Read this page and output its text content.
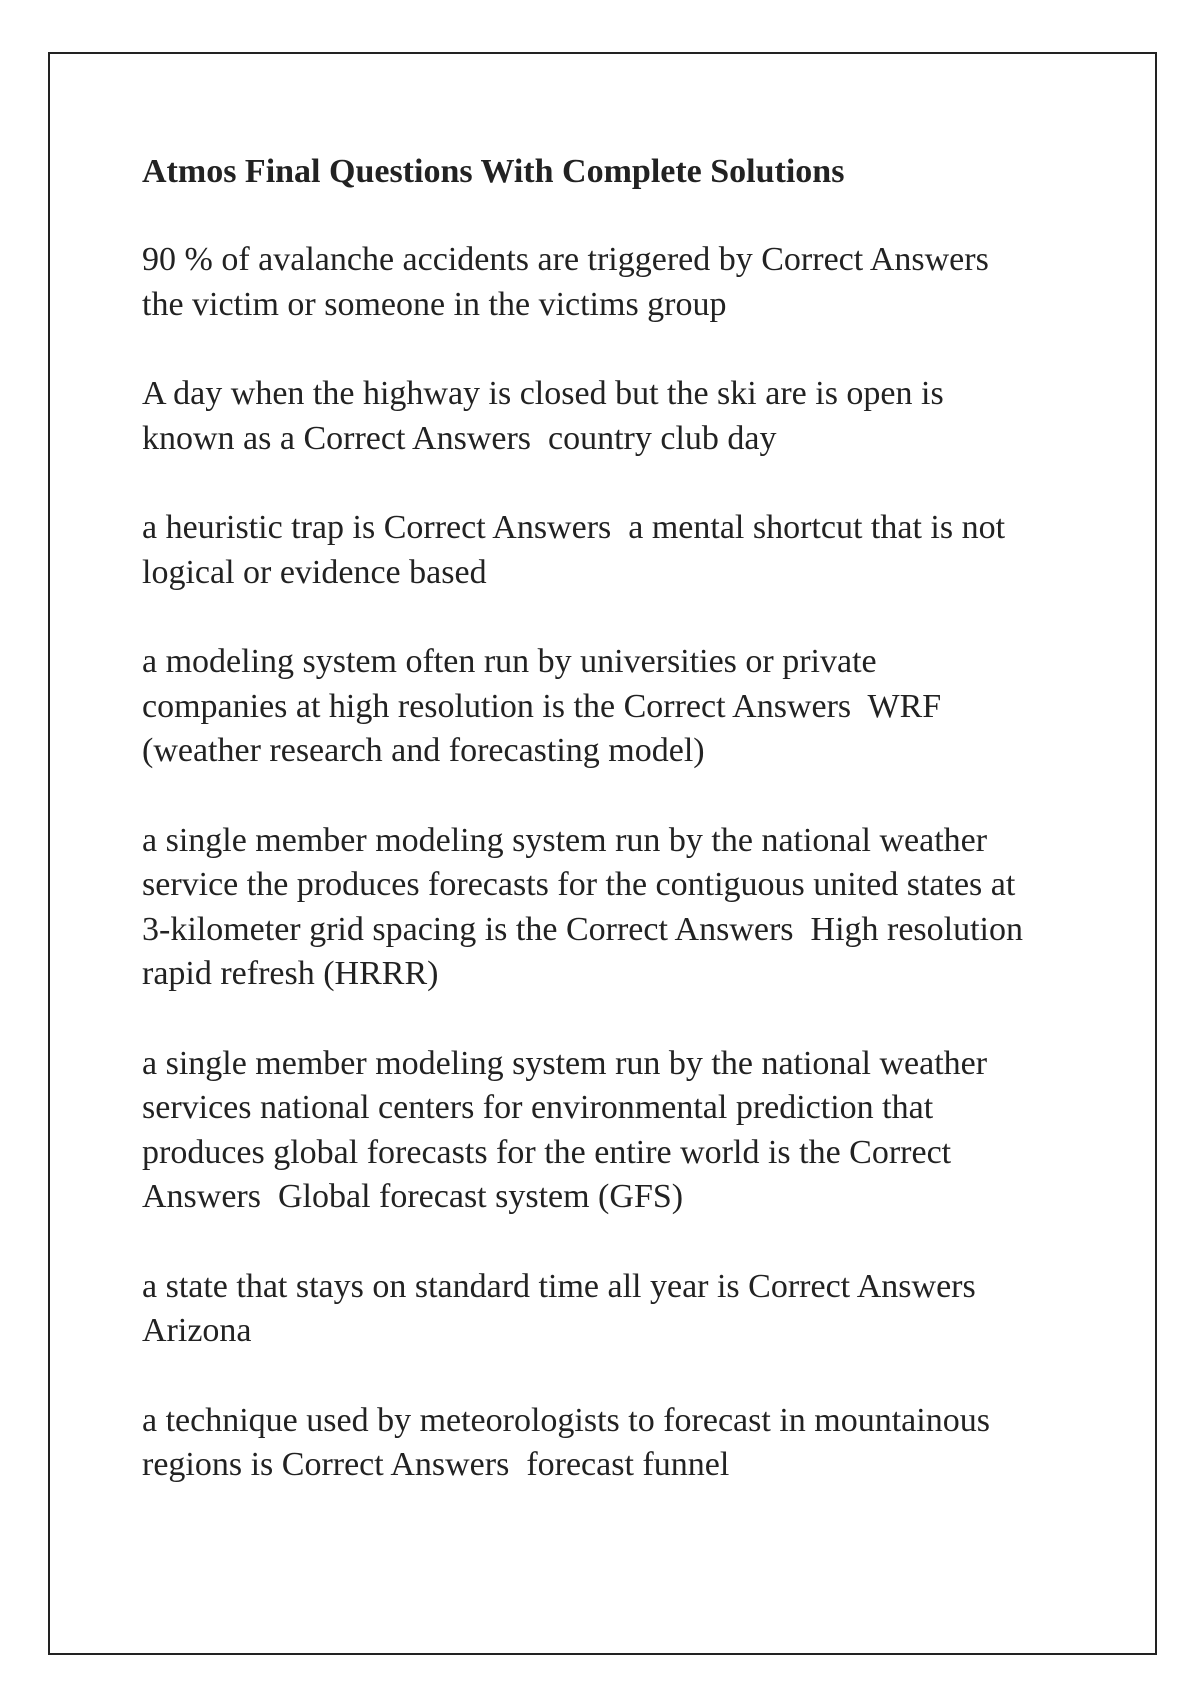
Atmos Final Questions With Complete Solutions
90 % of avalanche accidents are triggered by Correct Answers
the victim or someone in the victims group
A day when the highway is closed but the ski are is open is
known as a Correct Answers  country club day
a heuristic trap is Correct Answers  a mental shortcut that is not
logical or evidence based
a modeling system often run by universities or private
companies at high resolution is the Correct Answers  WRF
(weather research and forecasting model)
a single member modeling system run by the national weather
service the produces forecasts for the contiguous united states at
3-kilometer grid spacing is the Correct Answers  High resolution
rapid refresh (HRRR)
a single member modeling system run by the national weather
services national centers for environmental prediction that
produces global forecasts for the entire world is the Correct
Answers  Global forecast system (GFS)
a state that stays on standard time all year is Correct Answers
Arizona
a technique used by meteorologists to forecast in mountainous
regions is Correct Answers  forecast funnel
